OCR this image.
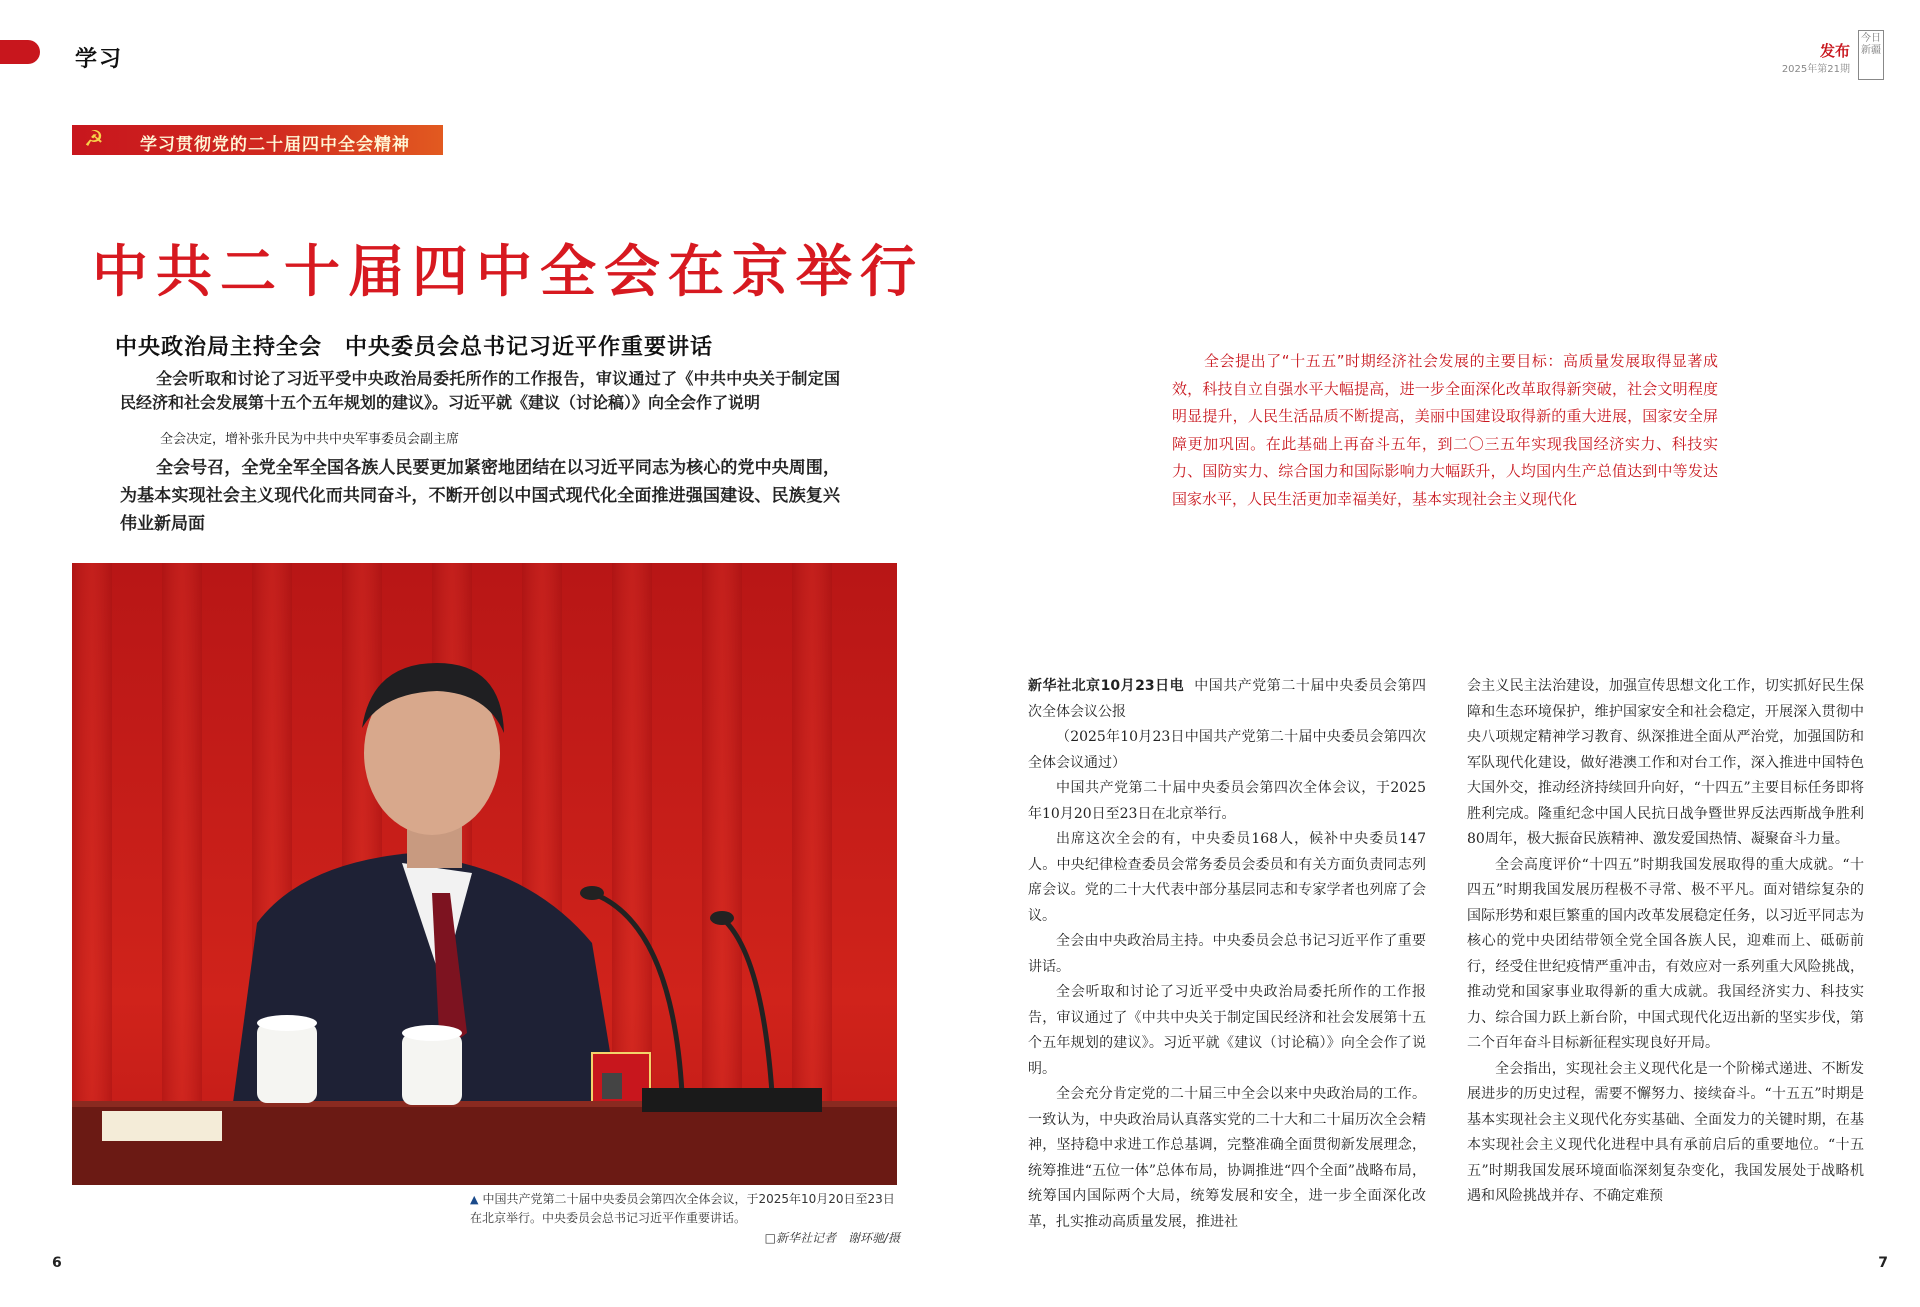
学习	发布
2025年第21期
今日新疆
☭ 学习贯彻党的二十届四中全会精神
中共二十届四中全会在京举行
中央政治局主持全会　中央委员会总书记习近平作重要讲话
全会听取和讨论了习近平受中央政治局委托所作的工作报告，审议通过了《中共中央关于制定国民经济和社会发展第十五个五年规划的建议》。习近平就《建议（讨论稿）》向全会作了说明
全会决定，增补张升民为中共中央军事委员会副主席
全会号召，全党全军全国各族人民要更加紧密地团结在以习近平同志为核心的党中央周围，为基本实现社会主义现代化而共同奋斗，不断开创以中国式现代化全面推进强国建设、民族复兴伟业新局面
▲ 中国共产党第二十届中央委员会第四次全体会议，于2025年10月20日至23日在北京举行。中央委员会总书记习近平作重要讲话。
□新华社记者　谢环驰/摄
全会提出了“十五五”时期经济社会发展的主要目标：高质量发展取得显著成效，科技自立自强水平大幅提高，进一步全面深化改革取得新突破，社会文明程度明显提升，人民生活品质不断提高，美丽中国建设取得新的重大进展，国家安全屏障更加巩固。在此基础上再奋斗五年，到二〇三五年实现我国经济实力、科技实力、国防实力、综合国力和国际影响力大幅跃升，人均国内生产总值达到中等发达国家水平，人民生活更加幸福美好，基本实现社会主义现代化

新华社北京10月23日电 中国共产党第二十届中央委员会第四次全体会议公报

（2025年10月23日中国共产党第二十届中央委员会第四次全体会议通过）

中国共产党第二十届中央委员会第四次全体会议，于2025年10月20日至23日在北京举行。

出席这次全会的有，中央委员168人，候补中央委员147人。中央纪律检查委员会常务委员会委员和有关方面负责同志列席会议。党的二十大代表中部分基层同志和专家学者也列席了会议。

全会由中央政治局主持。中央委员会总书记习近平作了重要讲话。

全会听取和讨论了习近平受中央政治局委托所作的工作报告，审议通过了《中共中央关于制定国民经济和社会发展第十五个五年规划的建议》。习近平就《建议（讨论稿）》向全会作了说明。

全会充分肯定党的二十届三中全会以来中央政治局的工作。一致认为，中央政治局认真落实党的二十大和二十届历次全会精神，坚持稳中求进工作总基调，完整准确全面贯彻新发展理念，统筹推进“五位一体”总体布局，协调推进“四个全面”战略布局，统筹国内国际两个大局，统筹发展和安全，进一步全面深化改革，扎实推动高质量发展，推进社

会主义民主法治建设，加强宣传思想文化工作，切实抓好民生保障和生态环境保护，维护国家安全和社会稳定，开展深入贯彻中央八项规定精神学习教育、纵深推进全面从严治党，加强国防和军队现代化建设，做好港澳工作和对台工作，深入推进中国特色大国外交，推动经济持续回升向好，“十四五”主要目标任务即将胜利完成。隆重纪念中国人民抗日战争暨世界反法西斯战争胜利80周年，极大振奋民族精神、激发爱国热情、凝聚奋斗力量。

全会高度评价“十四五”时期我国发展取得的重大成就。“十四五”时期我国发展历程极不寻常、极不平凡。面对错综复杂的国际形势和艰巨繁重的国内改革发展稳定任务，以习近平同志为核心的党中央团结带领全党全国各族人民，迎难而上、砥砺前行，经受住世纪疫情严重冲击，有效应对一系列重大风险挑战，推动党和国家事业取得新的重大成就。我国经济实力、科技实力、综合国力跃上新台阶，中国式现代化迈出新的坚实步伐，第二个百年奋斗目标新征程实现良好开局。

全会指出，实现社会主义现代化是一个阶梯式递进、不断发展进步的历史过程，需要不懈努力、接续奋斗。“十五五”时期是基本实现社会主义现代化夯实基础、全面发力的关键时期，在基本实现社会主义现代化进程中具有承前启后的重要地位。“十五五”时期我国发展环境面临深刻复杂变化，我国发展处于战略机遇和风险挑战并存、不确定难预

6	7
